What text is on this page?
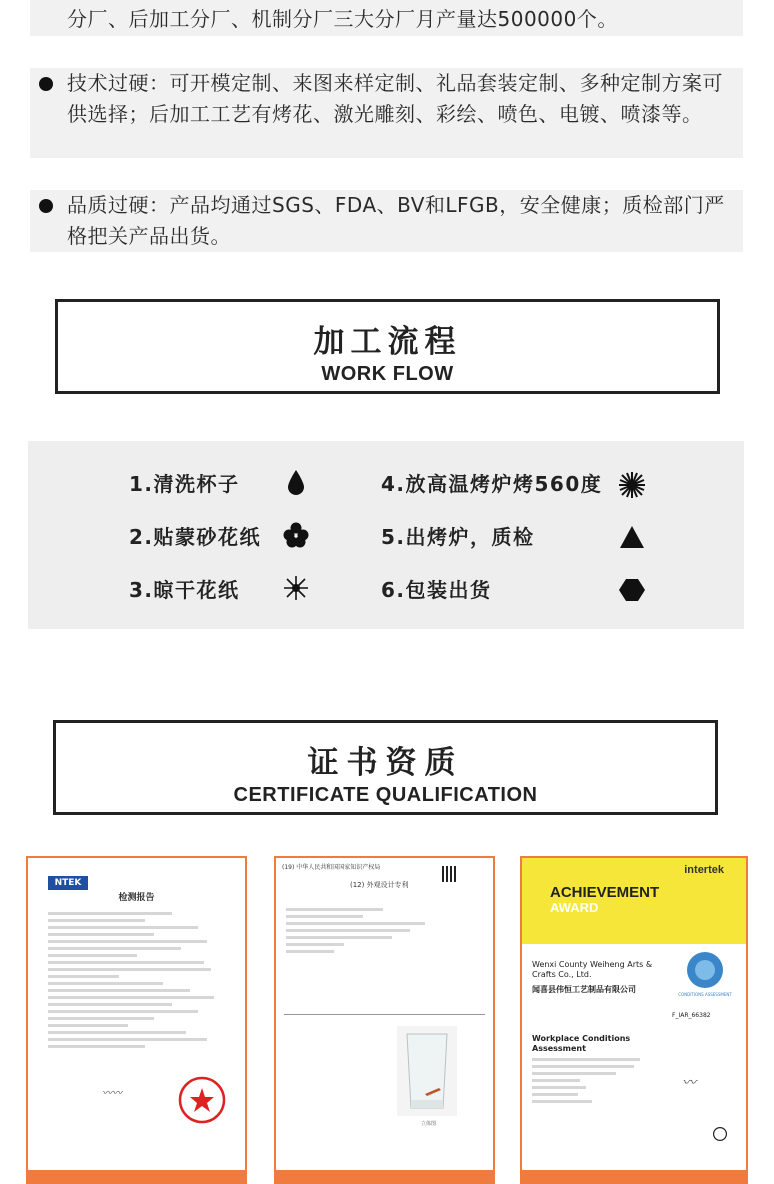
分厂、后加工分厂、机制分厂三大分厂月产量达500000个。
技术过硬：可开模定制、来图来样定制、礼品套装定制、多种定制方案可供选择；后加工工艺有烤花、激光雕刻、彩绘、喷色、电镀、喷漆等。
品质过硬：产品均通过SGS、FDA、BV和LFGB，安全健康；质检部门严格把关产品出货。
加工流程
WORK FLOW
1.清洗杯子
2.贴蒙砂花纸
3.晾干花纸
4.放高温烤炉烤560度
5.出烤炉，质检
6.包装出货
证书资质
CERTIFICATE QUALIFICATION
NTEK
检测报告
〰〰
(19) 中华人民共和国国家知识产权局
(12) 外观设计专利
立体图
intertek
ACHIEVEMENT
AWARD
Wenxi County Weiheng Arts & Crafts Co., Ltd.
闻喜县伟恒工艺制品有限公司
Workplace Conditions Assessment
CONDITIONS ASSESSMENT
F_IAR_66382
〰
